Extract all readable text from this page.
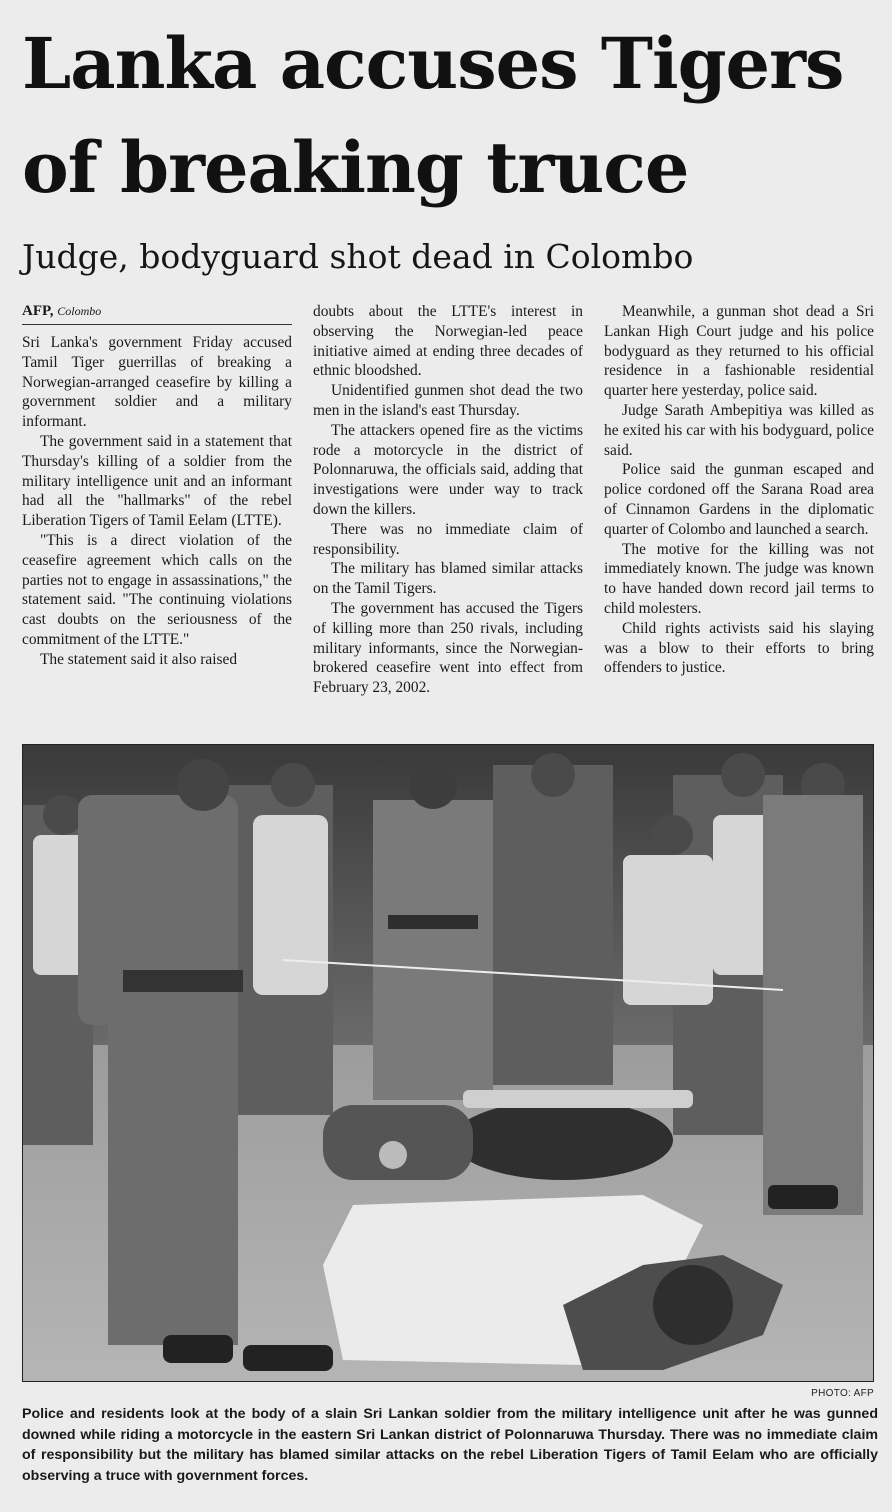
Lanka accuses Tigers of breaking truce
Judge, bodyguard shot dead in Colombo
AFP, Colombo

Sri Lanka's government Friday accused Tamil Tiger guerrillas of breaking a Norwegian-arranged ceasefire by killing a government soldier and a military informant.

The government said in a statement that Thursday's killing of a soldier from the military intelligence unit and an informant had all the "hallmarks" of the rebel Liberation Tigers of Tamil Eelam (LTTE).

"This is a direct violation of the ceasefire agreement which calls on the parties not to engage in assassinations," the statement said. "The continuing violations cast doubts on the seriousness of the commitment of the LTTE."

The statement said it also raised

doubts about the LTTE's interest in observing the Norwegian-led peace initiative aimed at ending three decades of ethnic bloodshed.

Unidentified gunmen shot dead the two men in the island's east Thursday.

The attackers opened fire as the victims rode a motorcycle in the district of Polonnaruwa, the officials said, adding that investigations were under way to track down the killers.

There was no immediate claim of responsibility.

The military has blamed similar attacks on the Tamil Tigers.

The government has accused the Tigers of killing more than 250 rivals, including military informants, since the Norwegian-brokered ceasefire went into effect from February 23, 2002.

Meanwhile, a gunman shot dead a Sri Lankan High Court judge and his police bodyguard as they returned to his official residence in a fashionable residential quarter here yesterday, police said.

Judge Sarath Ambepitiya was killed as he exited his car with his bodyguard, police said.

Police said the gunman escaped and police cordoned off the Sarana Road area of Cinnamon Gardens in the diplomatic quarter of Colombo and launched a search.

The motive for the killing was not immediately known. The judge was known to have handed down record jail terms to child molesters.

Child rights activists said his slaying was a blow to their efforts to bring offenders to justice.

PHOTO: AFP

Police and residents look at the body of a slain Sri Lankan soldier from the military intelligence unit after he was gunned downed while riding a motorcycle in the eastern Sri Lankan district of Polonnaruwa Thursday. There was no immediate claim of responsibility but the military has blamed similar attacks on the rebel Liberation Tigers of Tamil Eelam who are officially observing a truce with government forces.
